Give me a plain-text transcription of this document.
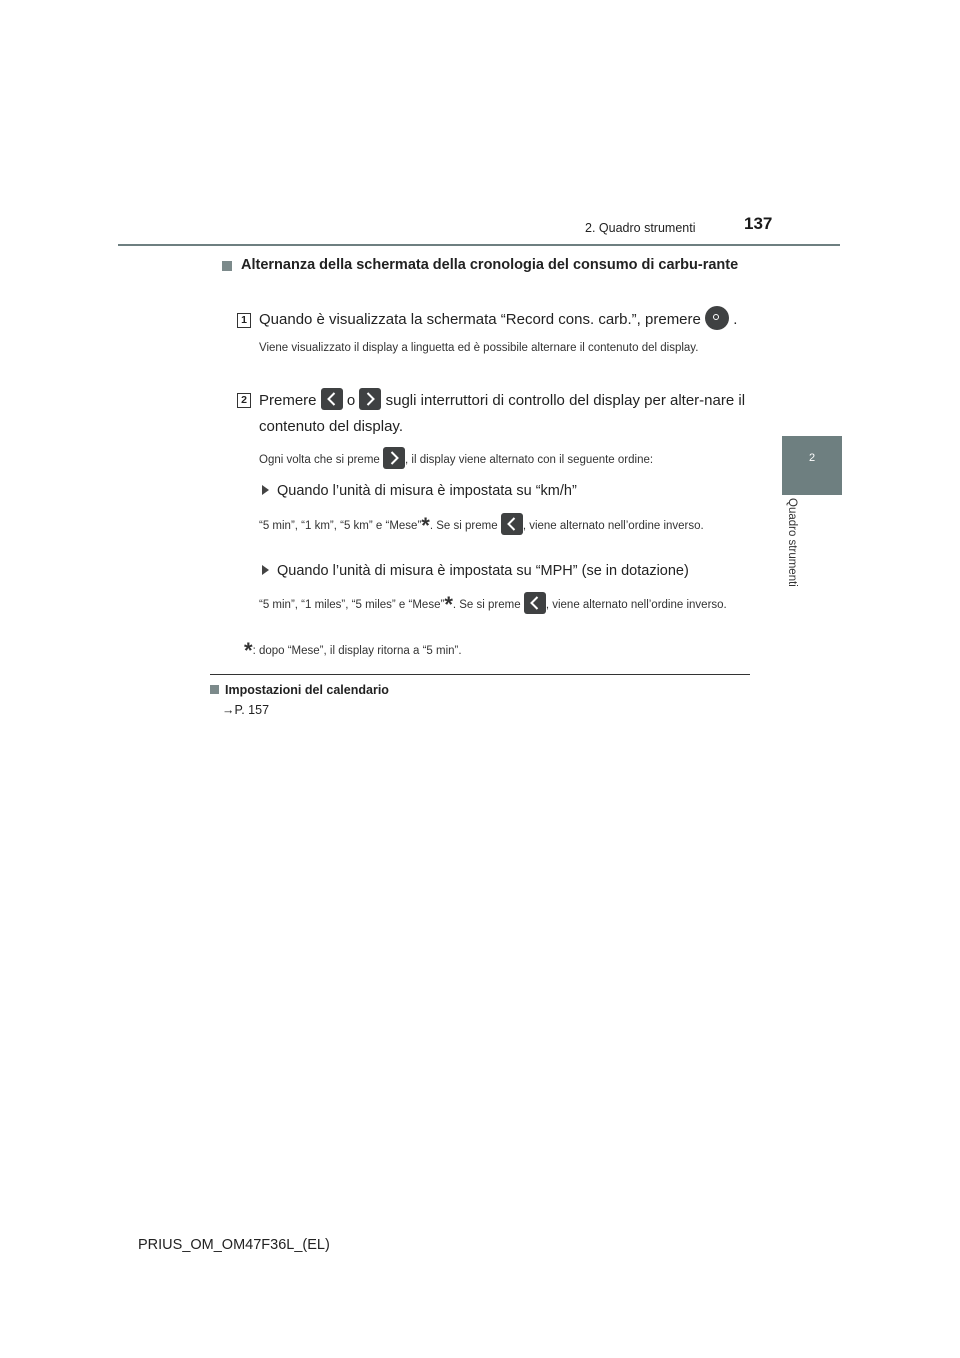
2. Quadro strumenti	137
2
Quadro strumenti
Alternanza della schermata della cronologia del consumo di carbu-rante
1 Quando è visualizzata la schermata “Record cons. carb.”, premere .
Viene visualizzato il display a linguetta ed è possibile alternare il contenuto del display.
2 Premere o sugli interruttori di controllo del display per alter-nare il contenuto del display.
Ogni volta che si preme , il display viene alternato con il seguente ordine:
Quando l’unità di misura è impostata su “km/h”
“5 min”, “1 km”, “5 km” e “Mese”*. Se si preme , viene alternato nell’ordine inverso.
Quando l’unità di misura è impostata su “MPH” (se in dotazione)
“5 min”, “1 miles”, “5 miles” e “Mese”*. Se si preme , viene alternato nell’ordine inverso.
*: dopo “Mese”, il display ritorna a “5 min”.
Impostazioni del calendario
→P. 157
PRIUS_OM_OM47F36L_(EL)
